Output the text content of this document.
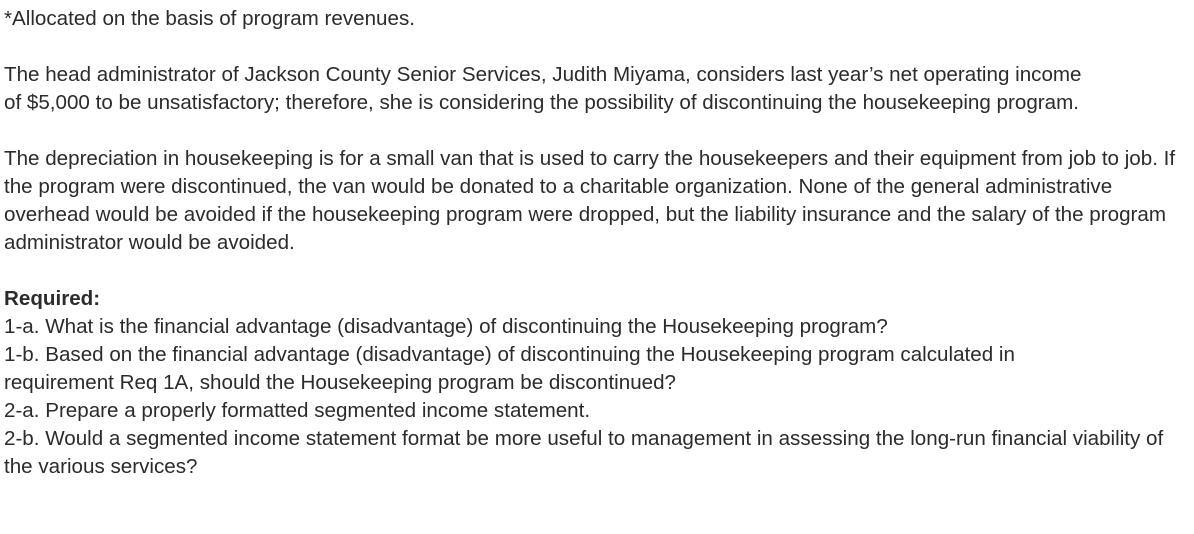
*Allocated on the basis of program revenues.

The head administrator of Jackson County Senior Services, Judith Miyama, considers last year’s net operating income of $5,000 to be unsatisfactory; therefore, she is considering the possibility of discontinuing the housekeeping program.

The depreciation in housekeeping is for a small van that is used to carry the housekeepers and their equipment from job to job. If the program were discontinued, the van would be donated to a charitable organization. None of the general administrative overhead would be avoided if the housekeeping program were dropped, but the liability insurance and the salary of the program administrator would be avoided.

Required:

1-a. What is the financial advantage (disadvantage) of discontinuing the Housekeeping program?

1-b. Based on the financial advantage (disadvantage) of discontinuing the Housekeeping program calculated in requirement Req 1A, should the Housekeeping program be discontinued?

2-a. Prepare a properly formatted segmented income statement.

2-b. Would a segmented income statement format be more useful to management in assessing the long-run financial viability of the various services?
